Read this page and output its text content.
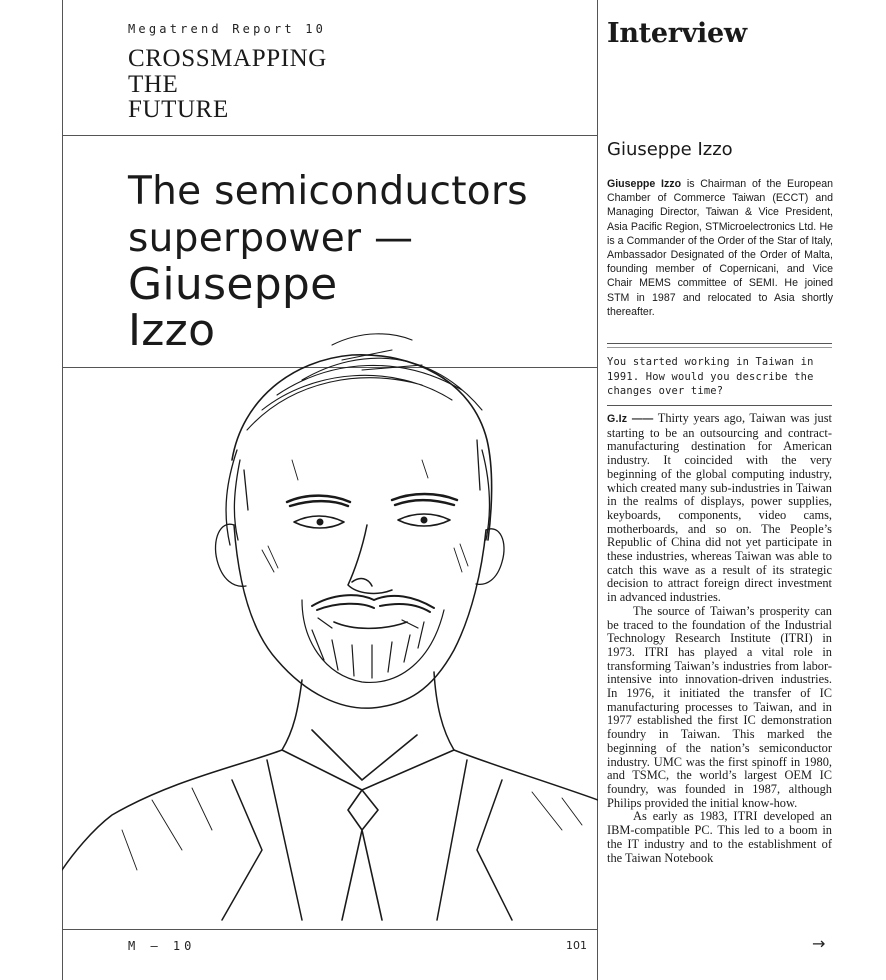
Megatrend Report 10
CROSSMAPPING
THE
FUTURE
The semiconductors
superpower —
Giuseppe
Izzo
M — 10	101
Interview
Giuseppe Izzo
Giuseppe Izzo is Chairman of the European Chamber of Commerce Taiwan (ECCT) and Managing Director, Taiwan & Vice President, Asia Pacific Region, STMicroelectronics Ltd. He is a Commander of the Order of the Star of Italy, Ambassador Designated of the Order of Malta, founding member of Copernicani, and Vice Chair MEMS committee of SEMI. He joined STM in 1987 and relocated to Asia shortly thereafter.
You started working in Taiwan in 1991. How would you describe the changes over time?

G.Iz —— Thirty years ago, Taiwan was just starting to be an outsourcing and contract-manufacturing destination for American industry. It coincided with the very beginning of the global computing industry, which created many sub-industries in Taiwan in the realms of displays, power supplies, keyboards, components, video cams, motherboards, and so on. The People’s Republic of China did not yet participate in these industries, whereas Taiwan was able to catch this wave as a result of its strategic decision to attract foreign direct investment in advanced industries.

The source of Taiwan’s prosperity can be traced to the foundation of the Industrial Technology Research Institute (ITRI) in 1973. ITRI has played a vital role in transforming Taiwan’s industries from labor-intensive into innovation-driven industries. In 1976, it initiated the transfer of IC manufacturing processes to Taiwan, and in 1977 established the first IC demonstration foundry in Taiwan. This marked the beginning of the nation’s semiconductor industry. UMC was the first spinoff in 1980, and TSMC, the world’s largest OEM IC foundry, was founded in 1987, although Philips provided the initial know-how.

As early as 1983, ITRI developed an IBM-compatible PC. This led to a boom in the IT industry and to the establishment of the Taiwan Notebook

→
